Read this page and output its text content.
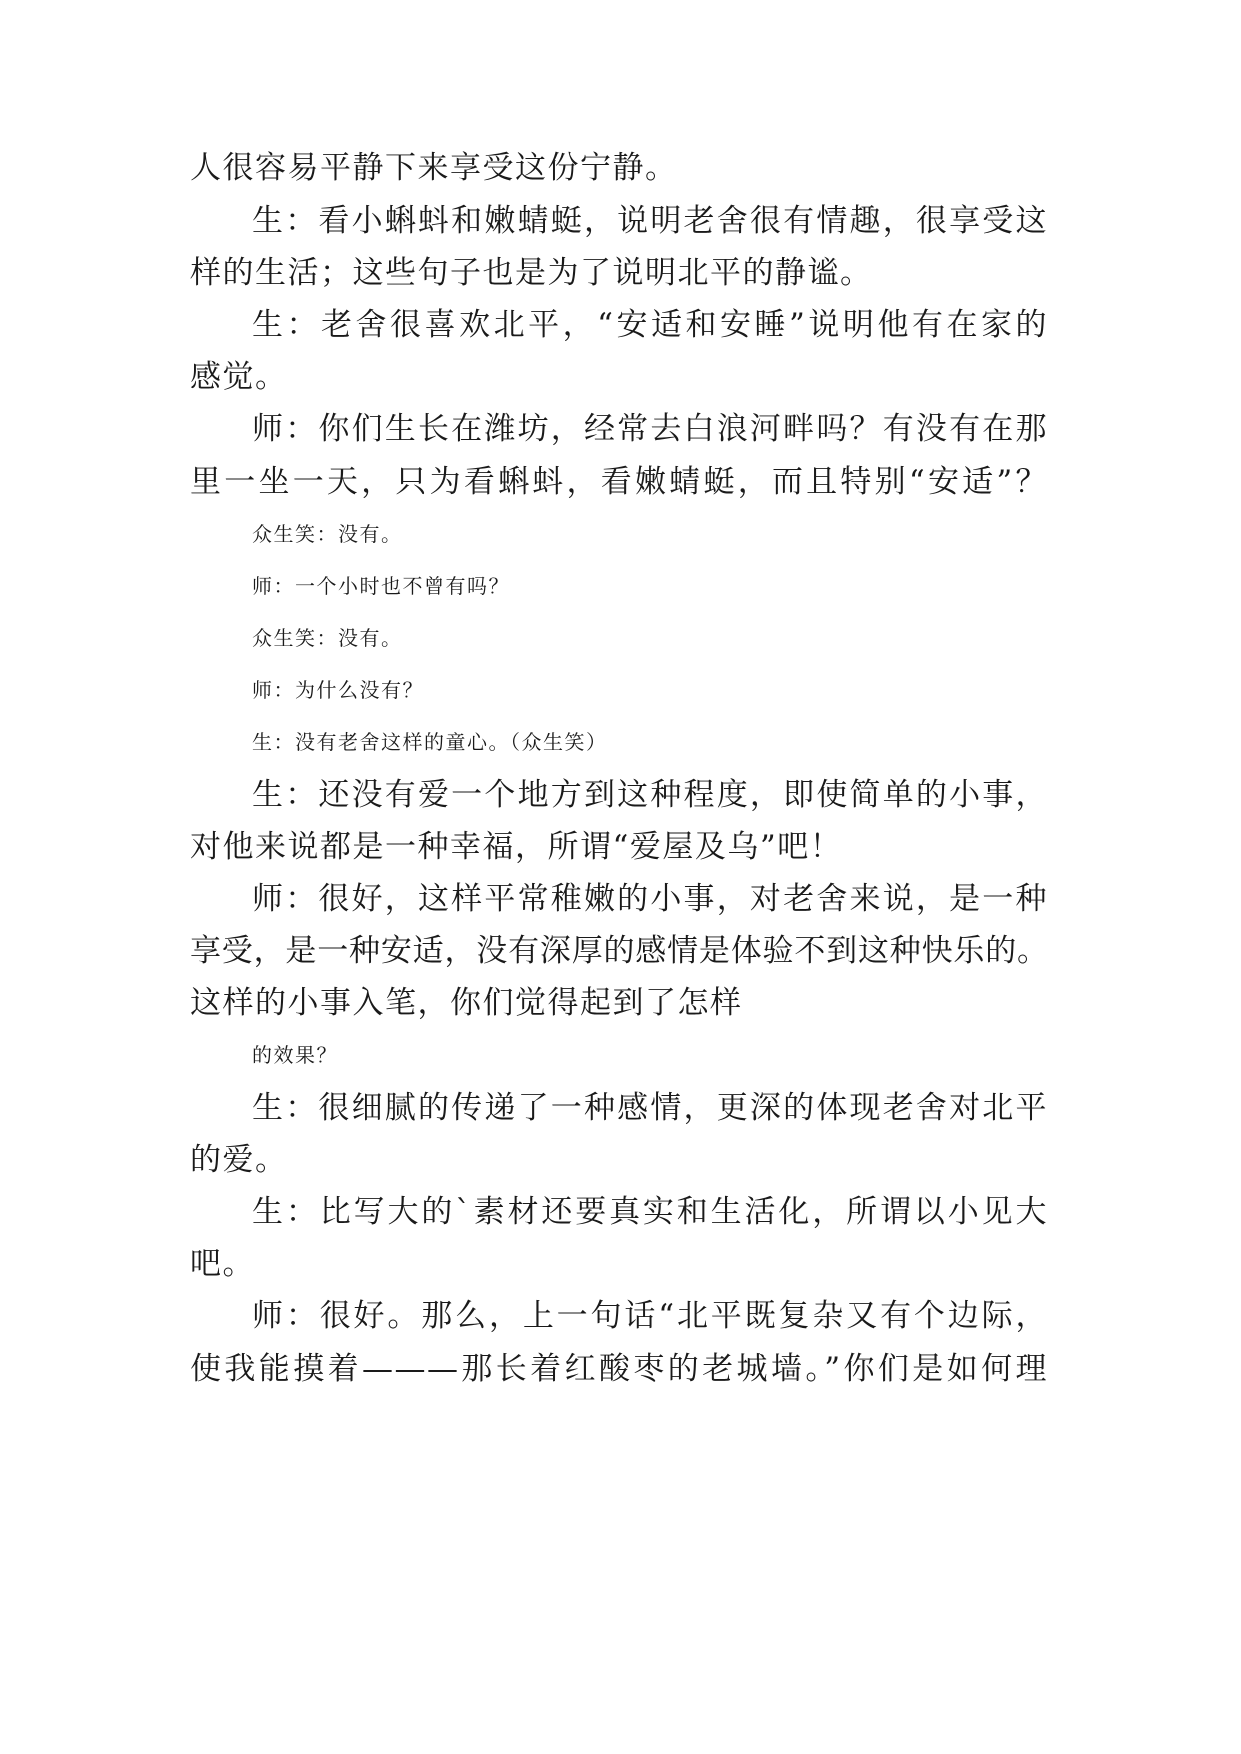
人很容易平静下来享受这份宁静。
生：看小蝌蚪和嫩蜻蜓，说明老舍很有情趣，很享受这
样的生活；这些句子也是为了说明北平的静谧。
生：老舍很喜欢北平，“安适和安睡”说明他有在家的
感觉。
师：你们生长在潍坊，经常去白浪河畔吗？有没有在那
里一坐一天，只为看蝌蚪，看嫩蜻蜓，而且特别“安适”？
众生笑：没有。
师：一个小时也不曾有吗？
众生笑：没有。
师：为什么没有？
生：没有老舍这样的童心。（众生笑）
生：还没有爱一个地方到这种程度，即使简单的小事，
对他来说都是一种幸福，所谓“爱屋及乌”吧！
师：很好，这样平常稚嫩的小事，对老舍来说，是一种
享受，是一种安适，没有深厚的感情是体验不到这种快乐的。
这样的小事入笔，你们觉得起到了怎样
的效果？
生：很细腻的传递了一种感情，更深的体现老舍对北平
的爱。
生：比写大的`素材还要真实和生活化，所谓以小见大
吧。
师：很好。那么，上一句话“北平既复杂又有个边际，
使我能摸着———那长着红酸枣的老城墙。”你们是如何理
